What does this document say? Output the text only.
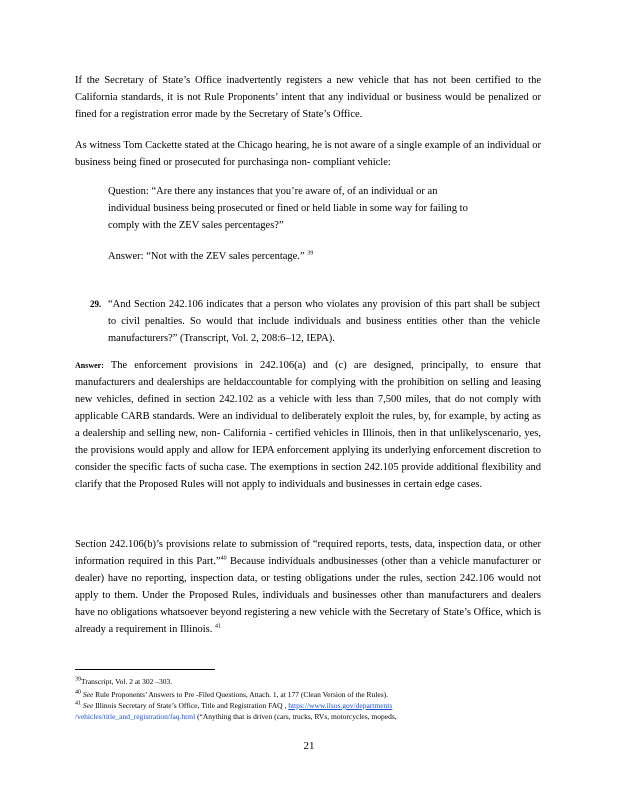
If the Secretary of State’s Office inadvertently registers a new vehicle that has not been certified to the California standards, it is not Rule Proponents’ intent that any individual or business would be penalized or fined for a registration error made by the Secretary of State’s Office.

As witness Tom Cackette stated at the Chicago hearing, he is not aware of a single example of an individual or business being fined or prosecuted for purchasinga non- compliant vehicle:

Question: “Are there any instances that you’re aware of, of an individual or an individual business being prosecuted or fined or held liable in some way for failing to comply with the ZEV sales percentages?”

Answer: “Not with the ZEV sales percentage.” $^{39}$

29. “And Section 242.106 indicates that a person who violates any provision of this part shall be subject to civil penalties. So would that include individuals and business entities other than the vehicle manufacturers?” (Transcript, Vol. 2, 208:6–12, IEPA).

Answer: The enforcement provisions in 242.106(a) and (c) are designed, principally, to ensure that manufacturers and dealerships are heldaccountable for complying with the prohibition on selling and leasing new vehicles, defined in section 242.102 as a vehicle with less than 7,500 miles, that do not comply with applicable CARB standards. Were an individual to deliberately exploit the rules, by, for example, by acting as a dealership and selling new, non- California - certified vehicles in Illinois, then in that unlikelyscenario, yes, the provisions would apply and allow for IEPA enforcement applying its underlying enforcement discretion to consider the specific facts of sucha case. The exemptions in section 242.105 provide additional flexibility and clarify that the Proposed Rules will not apply to individuals and businesses in certain edge cases.

Section 242.106(b)’s provisions relate to submission of “required reports, tests, data, inspection data, or other information required in this Part.”$^{40}$ Because individuals andbusinesses (other than a vehicle manufacturer or dealer) have no reporting, inspection data, or testing obligations under the rules, section 242.106 would not apply to them. Under the Proposed Rules, individuals and businesses other than manufacturers and dealers have no obligations whatsoever beyond registering a new vehicle with the Secretary of State’s Office, which is already a requirement in Illinois. $^{41}$

$^{39}$Transcript, Vol. 2 at 302 –303.

$^{40}$ See Rule Proponents’ Answers to Pre -Filed Questions, Attach. 1, at 177 (Clean Version of the Rules).

$^{41}$ See Illinois Secretary of State’s Office, Title and Registration FAQ , https://www.ilsos.gov/departments
/vehicles/title_and_registration/faq.html (“Anything that is driven (cars, trucks, RVs, motorcycles, mopeds,

21
